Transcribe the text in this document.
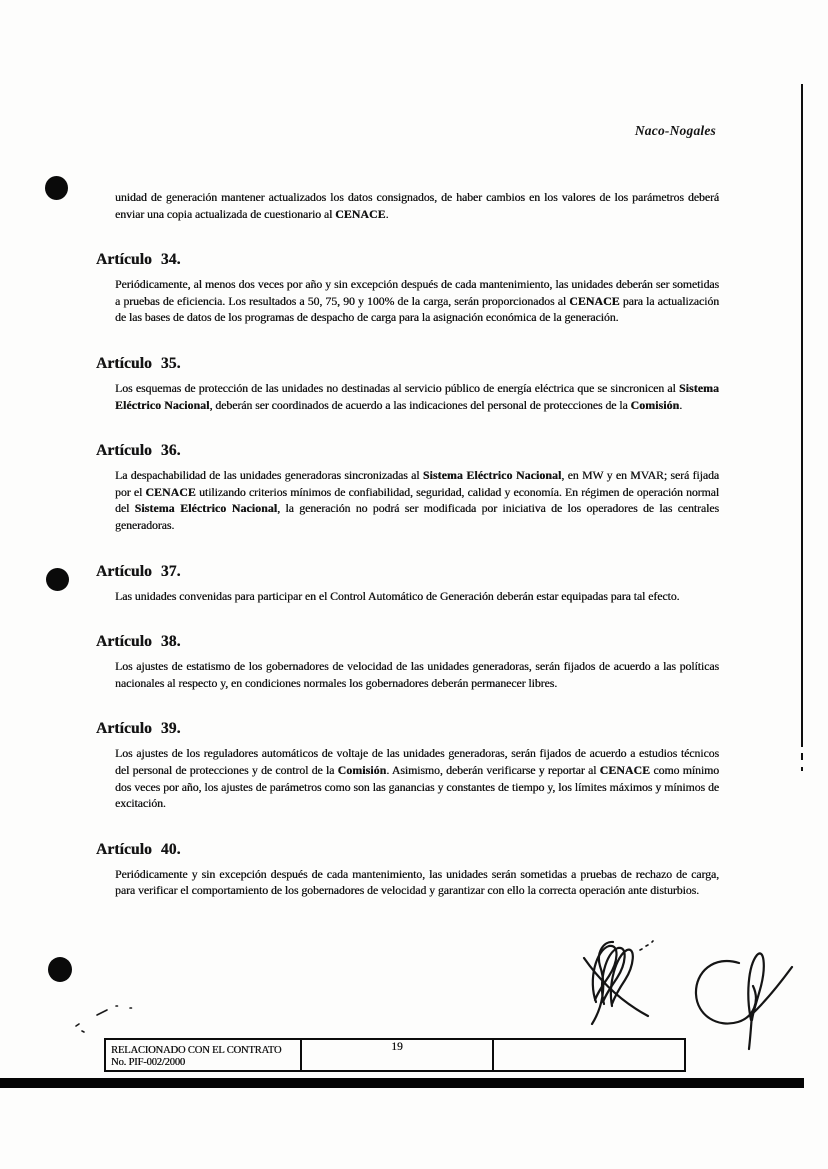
Naco-Nogales

unidad de generación mantener actualizados los datos consignados, de haber cambios en los valores de los parámetros deberá enviar una copia actualizada de cuestionario al CENACE.

Artículo 34.

Periódicamente, al menos dos veces por año y sin excepción después de cada mantenimiento, las unidades deberán ser sometidas a pruebas de eficiencia. Los resultados a 50, 75, 90 y 100% de la carga, serán proporcionados al CENACE para la actualización de las bases de datos de los programas de despacho de carga para la asignación económica de la generación.

Artículo 35.

Los esquemas de protección de las unidades no destinadas al servicio público de energía eléctrica que se sincronicen al Sistema Eléctrico Nacional, deberán ser coordinados de acuerdo a las indicaciones del personal de protecciones de la Comisión.

Artículo 36.

La despachabilidad de las unidades generadoras sincronizadas al Sistema Eléctrico Nacional, en MW y en MVAR; será fijada por el CENACE utilizando criterios mínimos de confiabilidad, seguridad, calidad y economía. En régimen de operación normal del Sistema Eléctrico Nacional, la generación no podrá ser modificada por iniciativa de los operadores de las centrales generadoras.

Artículo 37.

Las unidades convenidas para participar en el Control Automático de Generación deberán estar equipadas para tal efecto.

Artículo 38.

Los ajustes de estatismo de los gobernadores de velocidad de las unidades generadoras, serán fijados de acuerdo a las políticas nacionales al respecto y, en condiciones normales los gobernadores deberán permanecer libres.

Artículo 39.

Los ajustes de los reguladores automáticos de voltaje de las unidades generadoras, serán fijados de acuerdo a estudios técnicos del personal de protecciones y de control de la Comisión. Asimismo, deberán verificarse y reportar al CENACE como mínimo dos veces por año, los ajustes de parámetros como son las ganancias y constantes de tiempo y, los límites máximos y mínimos de excitación.

Artículo 40.

Periódicamente y sin excepción después de cada mantenimiento, las unidades serán sometidas a pruebas de rechazo de carga, para verificar el comportamiento de los gobernadores de velocidad y garantizar con ello la correcta operación ante disturbios.

RELACIONADO CON EL CONTRATO
No. PIF-002/2000
19
